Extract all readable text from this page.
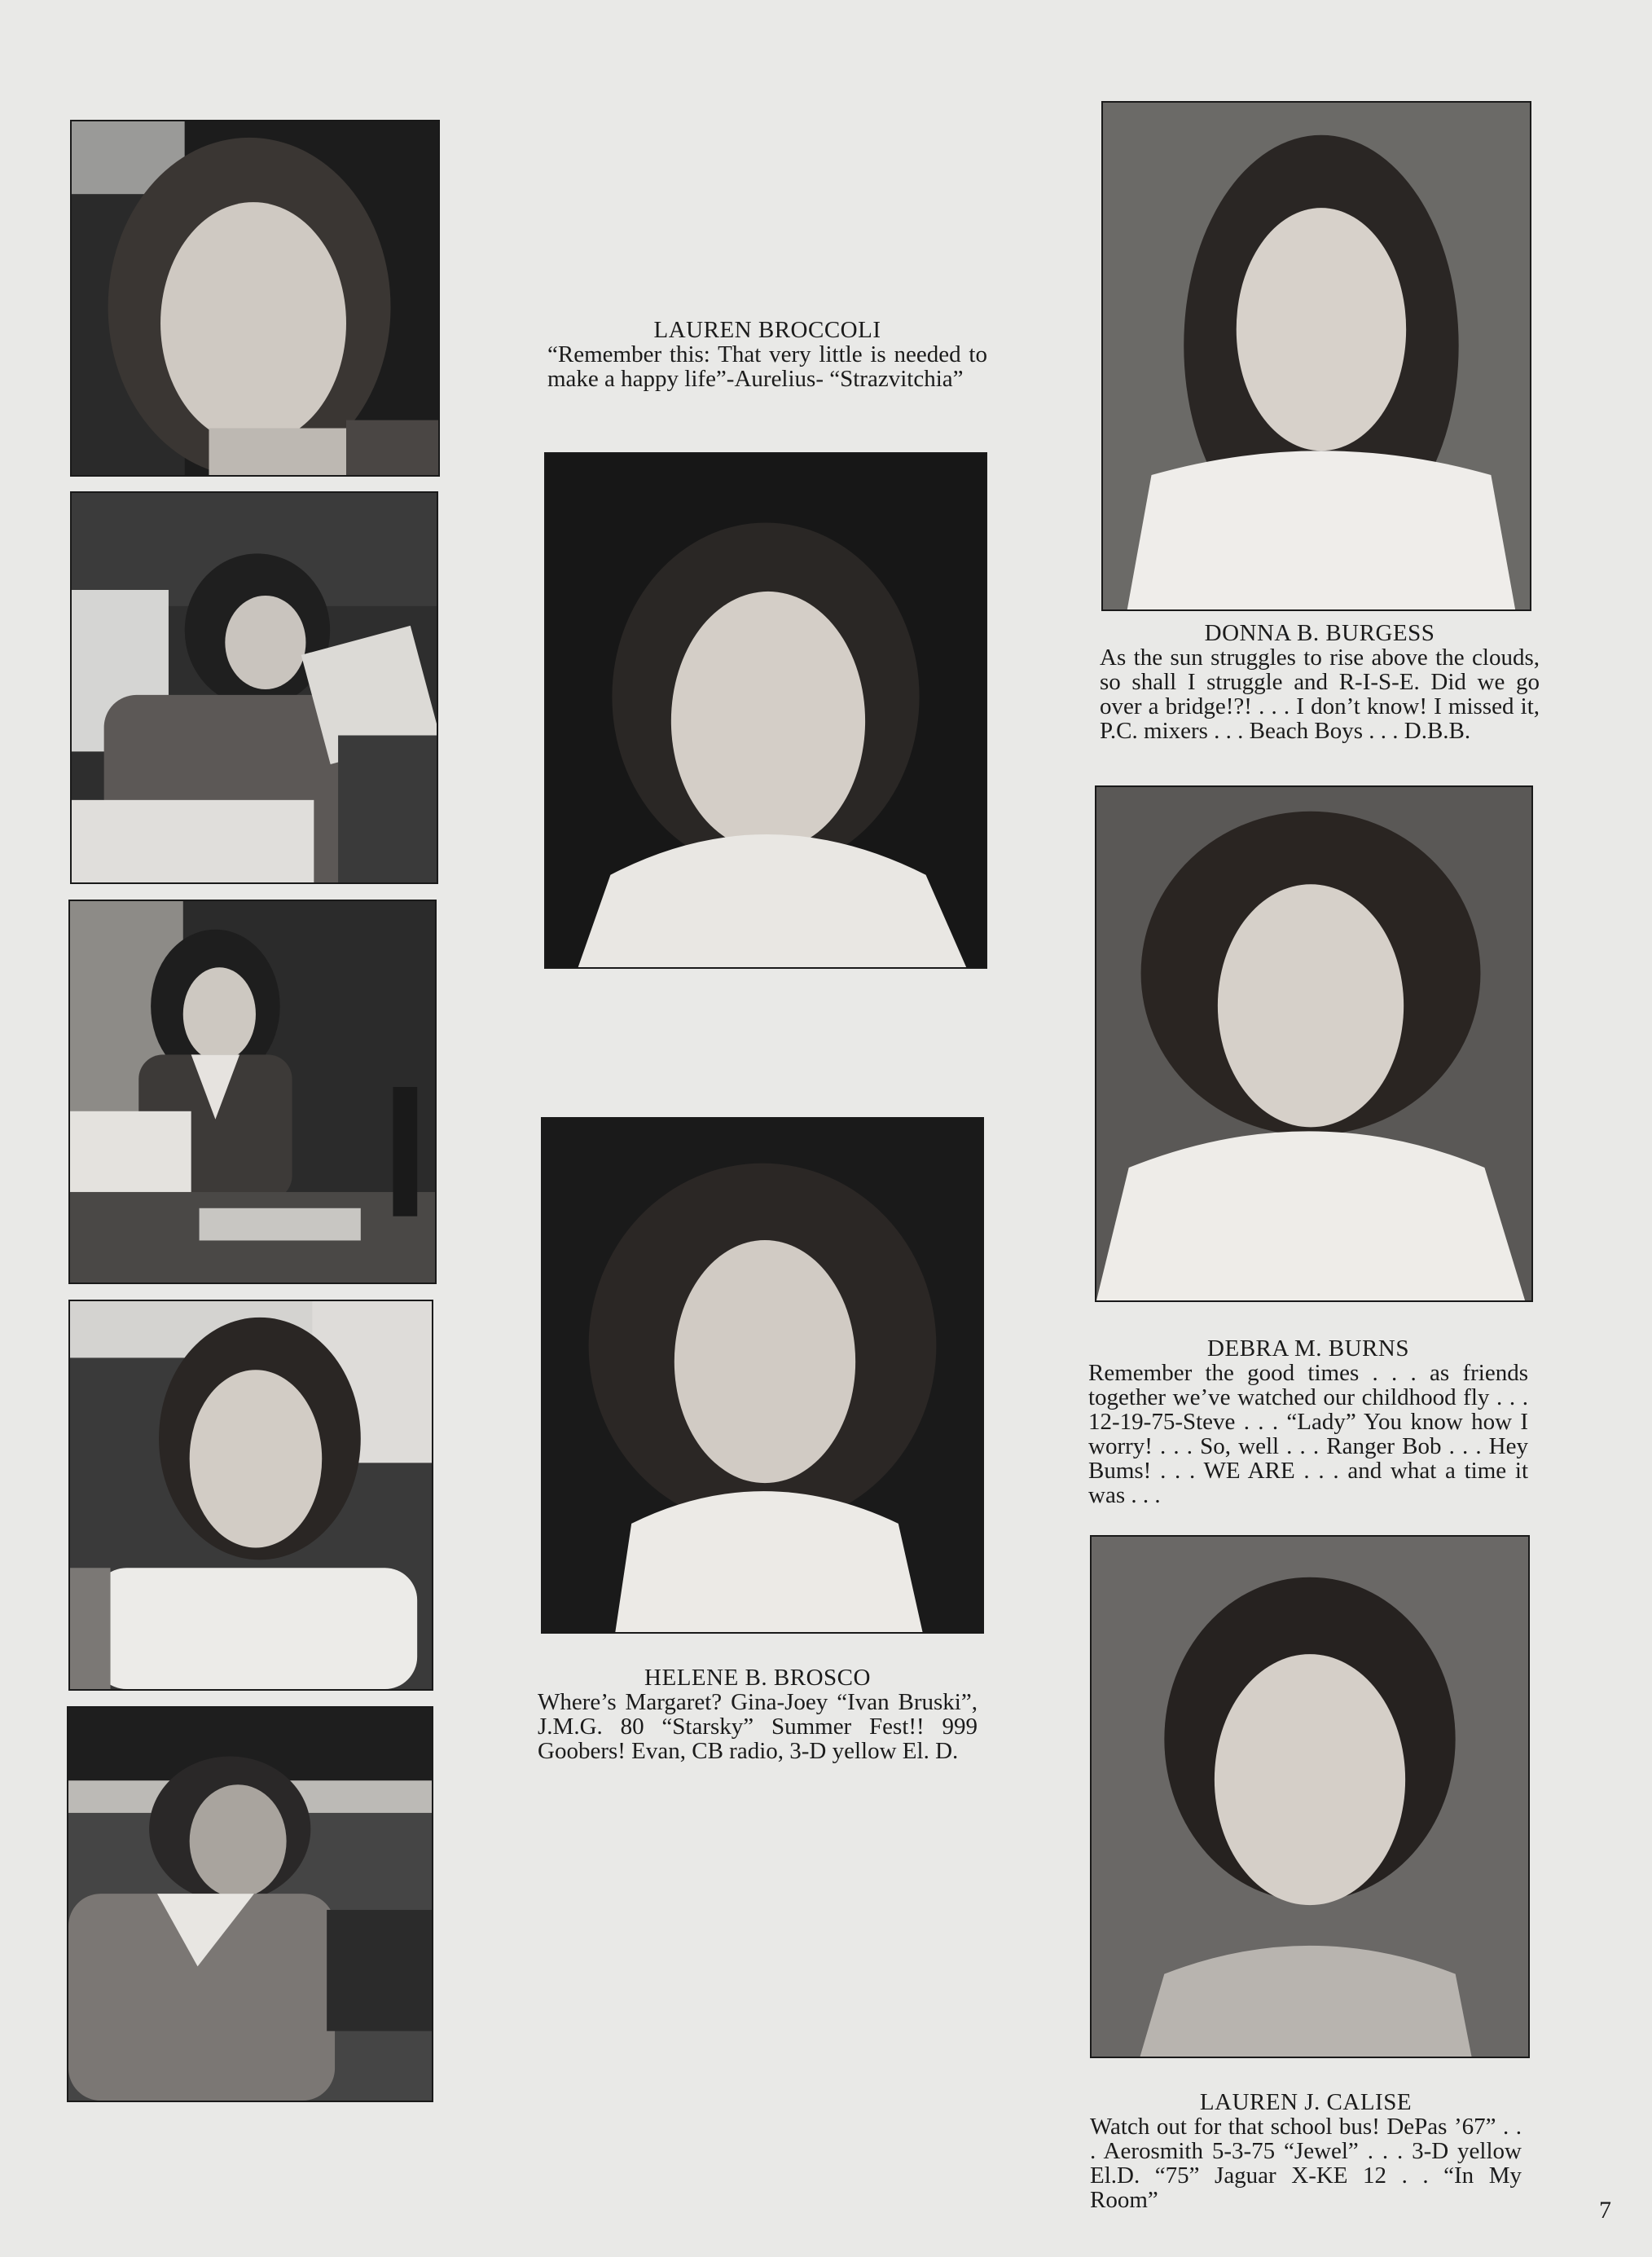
LAUREN BROCCOLI
“Remember this: That very little is needed to make a happy life”-Aurelius- “Strazvitchia”
HELENE B. BROSCO
Where’s Margaret? Gina-Joey “Ivan Bruski”, J.M.G. 80 “Starsky” Summer Fest!! 999 Goobers! Evan, CB radio, 3-D yellow El. D.
DONNA B. BURGESS
As the sun struggles to rise above the clouds, so shall I struggle and R-I-S-E. Did we go over a bridge!?! . . . I don’t know! I missed it, P.C. mixers . . . Beach Boys . . . D.B.B.
DEBRA M. BURNS
Remember the good times . . . as friends together we’ve watched our childhood fly . . . 12-19-75-Steve . . . “Lady” You know how I worry! . . . So, well . . . Ranger Bob . . . Hey Bums! . . . WE ARE . . . and what a time it was . . .
LAUREN J. CALISE
Watch out for that school bus! DePas ’67” . . . Aerosmith 5-3-75 “Jewel” . . . 3-D yellow El.D. “75” Jaguar X-KE 12 . . “In My Room”	7
